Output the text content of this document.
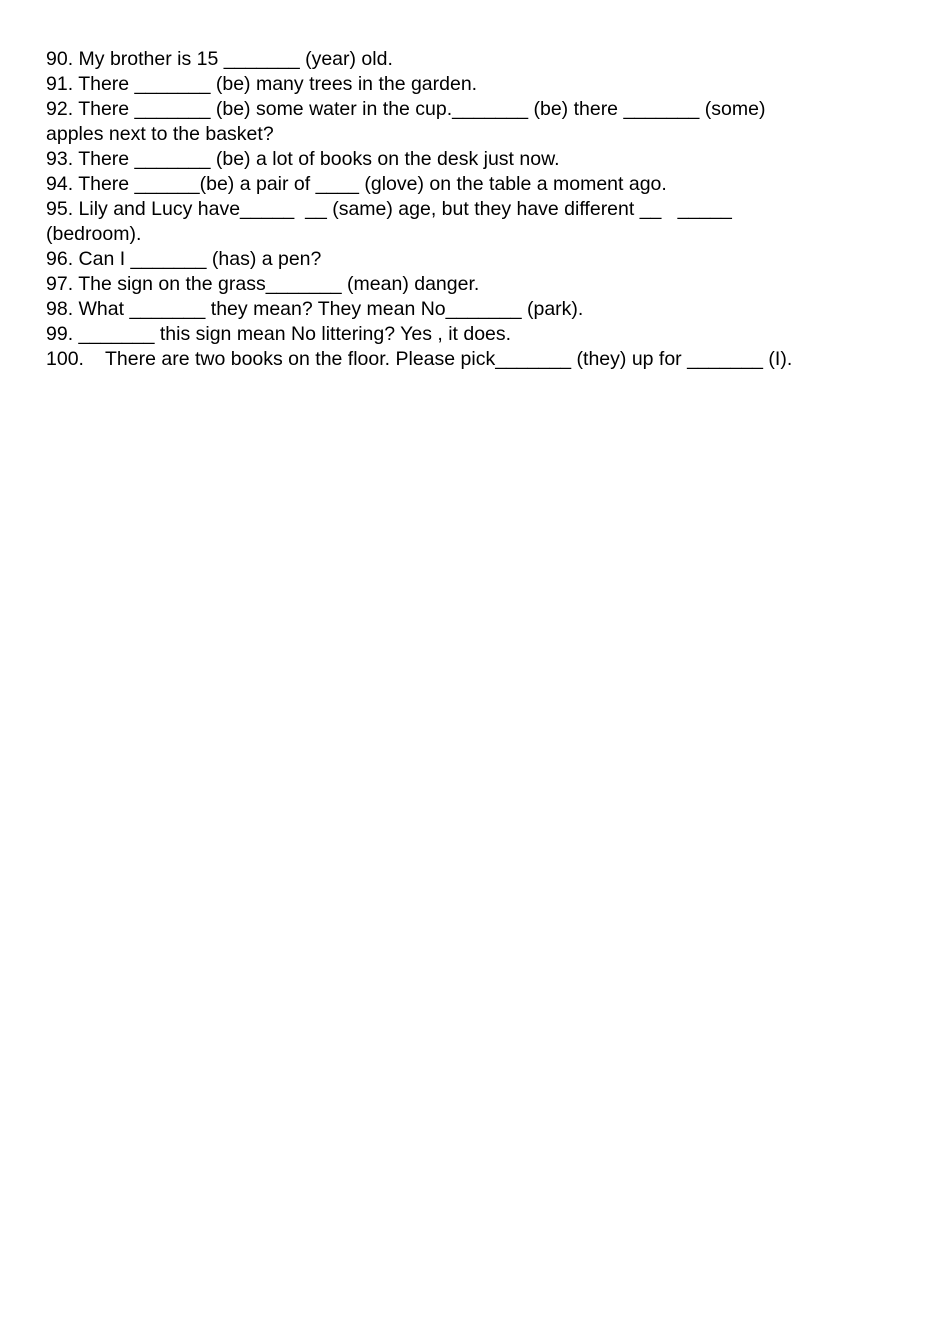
90. My brother is 15 _______ (year) old.

91. There _______ (be) many trees in the garden.

92. There _______ (be) some water in the cup._______ (be) there _______ (some) apples next to the basket?

93. There _______ (be) a lot of books on the desk just now.

94. There ______(be) a pair of ____ (glove) on the table a moment ago.

95. Lily and Lucy have_____  __ (same) age, but they have different __   _____ (bedroom).

96. Can I _______ (has) a pen?

97. The sign on the grass_______ (mean) danger.

98. What _______ they mean? They mean No_______ (park).

99. _______ this sign mean No littering? Yes , it does.

100. There are two books on the floor. Please pick_______ (they) up for _______ (I).
